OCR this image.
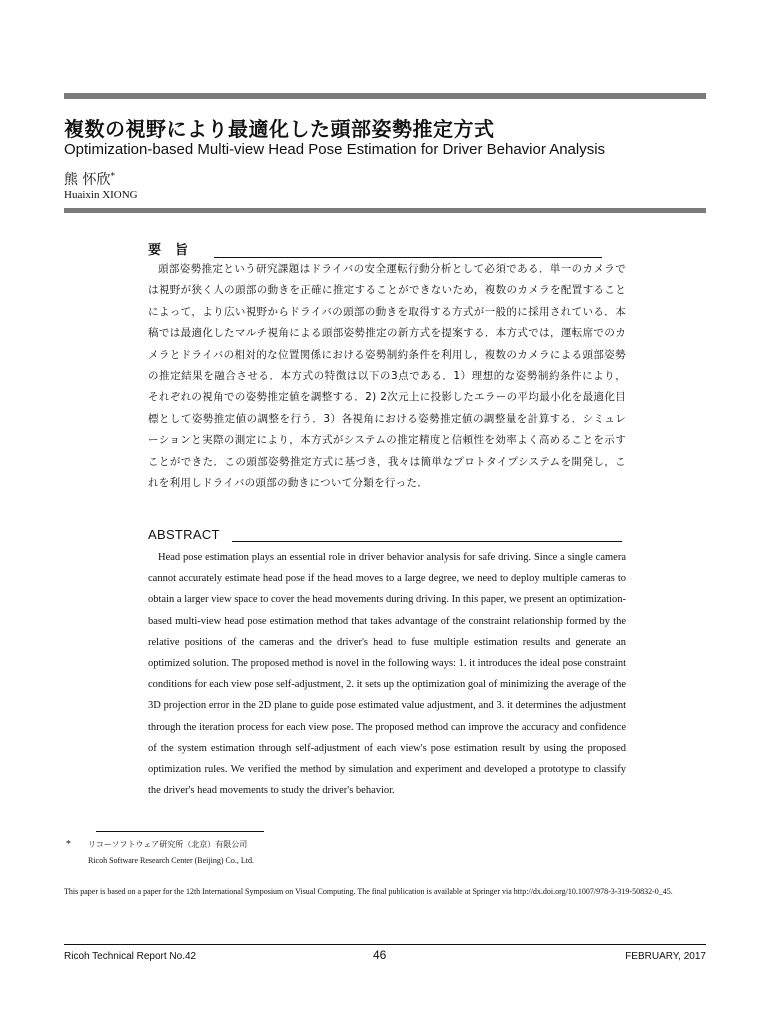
複数の視野により最適化した頭部姿勢推定方式
Optimization-based Multi-view Head Pose Estimation for Driver Behavior Analysis
熊 怀欣*
Huaixin XIONG
要旨
頭部姿勢推定という研究課題はドライバの安全運転行動分析として必須である．単一のカメラでは視野が狭く人の頭部の動きを正確に推定することができないため，複数のカメラを配置することによって，より広い視野からドライバの頭部の動きを取得する方式が一般的に採用されている．本稿では最適化したマルチ視角による頭部姿勢推定の新方式を提案する．本方式では，運転席でのカメラとドライバの相対的な位置関係における姿勢制約条件を利用し，複数のカメラによる頭部姿勢の推定結果を融合させる．本方式の特徴は以下の3点である．1）理想的な姿勢制約条件により，それぞれの視角での姿勢推定値を調整する．2) 2次元上に投影したエラーの平均最小化を最適化目標として姿勢推定値の調整を行う．3）各視角における姿勢推定値の調整量を計算する．シミュレーションと実際の測定により，本方式がシステムの推定精度と信頼性を効率よく高めることを示すことができた．この頭部姿勢推定方式に基づき，我々は簡単なプロトタイプシステムを開発し，これを利用しドライバの頭部の動きについて分類を行った．
ABSTRACT
Head pose estimation plays an essential role in driver behavior analysis for safe driving. Since a single camera cannot accurately estimate head pose if the head moves to a large degree, we need to deploy multiple cameras to obtain a larger view space to cover the head movements during driving. In this paper, we present an optimization-based multi-view head pose estimation method that takes advantage of the constraint relationship formed by the relative positions of the cameras and the driver's head to fuse multiple estimation results and generate an optimized solution. The proposed method is novel in the following ways: 1. it introduces the ideal pose constraint conditions for each view pose self-adjustment, 2. it sets up the optimization goal of minimizing the average of the 3D projection error in the 2D plane to guide pose estimated value adjustment, and 3. it determines the adjustment through the iteration process for each view pose. The proposed method can improve the accuracy and confidence of the system estimation through self-adjustment of each view's pose estimation result by using the proposed optimization rules. We verified the method by simulation and experiment and developed a prototype to classify the driver's head movements to study the driver's behavior.
* リコーソフトウェア研究所（北京）有限公司
Ricoh Software Research Center (Beijing) Co., Ltd.
This paper is based on a paper for the 12th International Symposium on Visual Computing. The final publication is available at Springer via http://dx.doi.org/10.1007/978-3-319-50832-0_45.
Ricoh Technical Report No.42	46	FEBRUARY, 2017
